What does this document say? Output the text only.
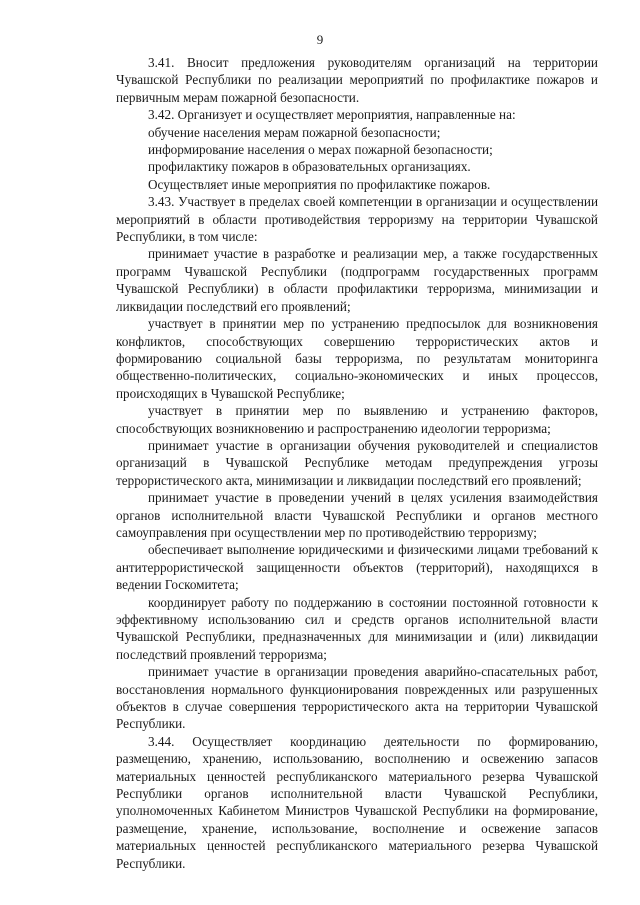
9

3.41. Вносит предложения руководителям организаций на территории Чувашской Республики по реализации мероприятий по профилактике пожаров и первичным мерам пожарной безопасности.

3.42. Организует и осуществляет мероприятия, направленные на:

обучение населения мерам пожарной безопасности;

информирование населения о мерах пожарной безопасности;

профилактику пожаров в образовательных организациях.

Осуществляет иные мероприятия по профилактике пожаров.

3.43. Участвует в пределах своей компетенции в организации и осуществлении мероприятий в области противодействия терроризму на территории Чувашской Республики, в том числе:

принимает участие в разработке и реализации мер, а также государственных программ Чувашской Республики (подпрограмм государственных программ Чувашской Республики) в области профилактики терроризма, минимизации и ликвидации последствий его проявлений;

участвует в принятии мер по устранению предпосылок для возникновения конфликтов, способствующих совершению террористических актов и формированию социальной базы терроризма, по результатам мониторинга общественно-политических, социально-экономических и иных процессов, происходящих в Чувашской Республике;

участвует в принятии мер по выявлению и устранению факторов, способствующих возникновению и распространению идеологии терроризма;

принимает участие в организации обучения руководителей и специалистов организаций в Чувашской Республике методам предупреждения угрозы террористического акта, минимизации и ликвидации последствий его проявлений;

принимает участие в проведении учений в целях усиления взаимодействия органов исполнительной власти Чувашской Республики и органов местного самоуправления при осуществлении мер по противодействию терроризму;

обеспечивает выполнение юридическими и физическими лицами требований к антитеррористической защищенности объектов (территорий), находящихся в ведении Госкомитета;

координирует работу по поддержанию в состоянии постоянной готовности к эффективному использованию сил и средств органов исполнительной власти Чувашской Республики, предназначенных для минимизации и (или) ликвидации последствий проявлений терроризма;

принимает участие в организации проведения аварийно-спасательных работ, восстановления нормального функционирования поврежденных или разрушенных объектов в случае совершения террористического акта на территории Чувашской Республики.

3.44. Осуществляет координацию деятельности по формированию, размещению, хранению, использованию, восполнению и освежению запасов материальных ценностей республиканского материального резерва Чувашской Республики органов исполнительной власти Чувашской Республики, уполномоченных Кабинетом Министров Чувашской Республики на формирование, размещение, хранение, использование, восполнение и освежение запасов материальных ценностей республиканского материального резерва Чувашской Республики.
